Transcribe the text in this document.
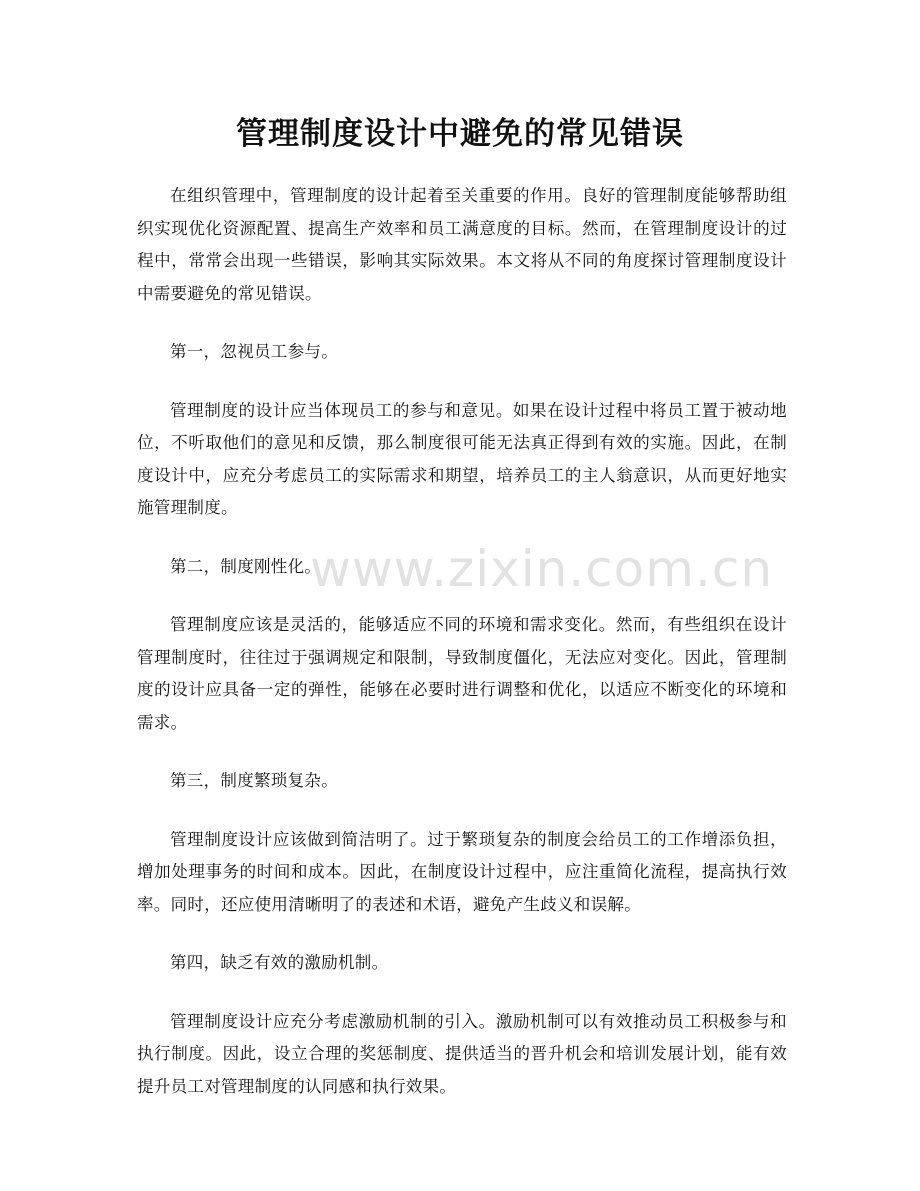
管理制度设计中避免的常见错误

在组织管理中，管理制度的设计起着至关重要的作用。良好的管理制度能够帮助组织实现优化资源配置、提高生产效率和员工满意度的目标。然而，在管理制度设计的过程中，常常会出现一些错误，影响其实际效果。本文将从不同的角度探讨管理制度设计中需要避免的常见错误。

第一，忽视员工参与。

管理制度的设计应当体现员工的参与和意见。如果在设计过程中将员工置于被动地位，不听取他们的意见和反馈，那么制度很可能无法真正得到有效的实施。因此，在制度设计中，应充分考虑员工的实际需求和期望，培养员工的主人翁意识，从而更好地实施管理制度。

第二，制度刚性化。

管理制度应该是灵活的，能够适应不同的环境和需求变化。然而，有些组织在设计管理制度时，往往过于强调规定和限制，导致制度僵化，无法应对变化。因此，管理制度的设计应具备一定的弹性，能够在必要时进行调整和优化，以适应不断变化的环境和需求。

第三，制度繁琐复杂。

管理制度设计应该做到简洁明了。过于繁琐复杂的制度会给员工的工作增添负担，增加处理事务的时间和成本。因此，在制度设计过程中，应注重简化流程，提高执行效率。同时，还应使用清晰明了的表述和术语，避免产生歧义和误解。

第四，缺乏有效的激励机制。

管理制度设计应充分考虑激励机制的引入。激励机制可以有效推动员工积极参与和执行制度。因此，设立合理的奖惩制度、提供适当的晋升机会和培训发展计划，能有效提升员工对管理制度的认同感和执行效果。

www.zixin.com.cn
